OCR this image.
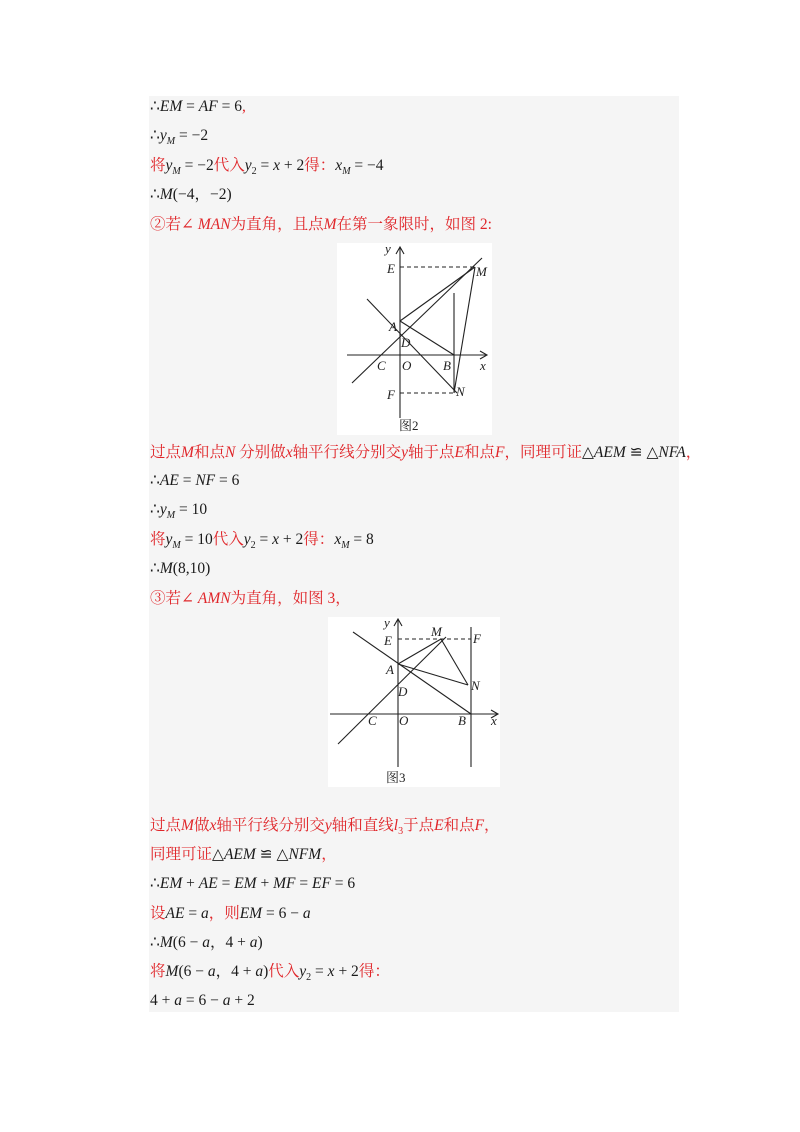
∴EM = AF = 6,
$\therefore y_M = -2$
将$y_M = -2$代入$y_2 = x + 2$得：$x_M = -4$
∴M(−4，−2)
②若∠ MAN为直角，且点M在第一象限时，如图 2:
y
E	M
A
D
C O B x
F	N
图2
过点M和点N 分别做x轴平行线分别交y轴于点E和点F，同理可证△AEM ≌ △NFA，
∴AE = NF = 6
$\therefore y_M = 10$
将$y_M = 10$代入$y_2 = x + 2$得：$x_M = 8$
∴M(8,10)
③若∠ AMN为直角，如图 3，
y
E
M F
A
N
D
C O	B x
图3
过点M做x轴平行线分别交y轴和直线$l_3$于点E和点F，
同理可证△AEM ≌ △NFM，
∴EM + AE = EM + MF = EF = 6
设AE = a，则EM = 6 − a
∴M(6 − a，4 + a)
将M(6 − a，4 + a)代入$y_2 = x + 2$得：
4 + a = 6 − a + 2
